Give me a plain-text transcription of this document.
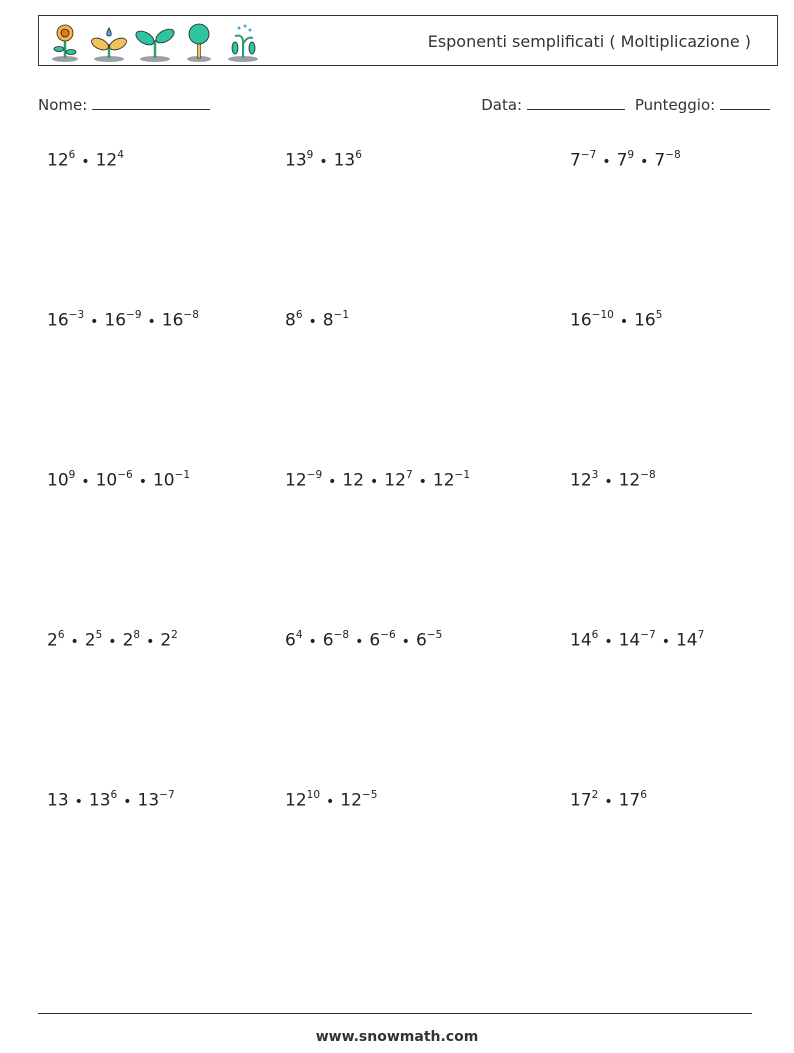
Esponenti semplificati ( Moltiplicazione )
Nome:	Data:	Punteggio:
$12^6$ • $12^4$	$13^9$ • $13^6$	$7^{-7}$ • $7^9$ • $7^{-8}$
$16^{-3}$ • $16^{-9}$ • $16^{-8}$	$8^6$ • $8^{-1}$	$16^{-10}$ • $16^5$
$10^9$ • $10^{-6}$ • $10^{-1}$	$12^{-9}$ • 12 • $12^7$ • $12^{-1}$	$12^3$ • $12^{-8}$
$2^6$ • $2^5$ • $2^8$ • $2^2$	$6^4$ • $6^{-8}$ • $6^{-6}$ • $6^{-5}$	$14^6$ • $14^{-7}$ • $14^7$
13 • $13^6$ • $13^{-7}$	$12^{10}$ • $12^{-5}$	$17^2$ • $17^6$
www.snowmath.com
